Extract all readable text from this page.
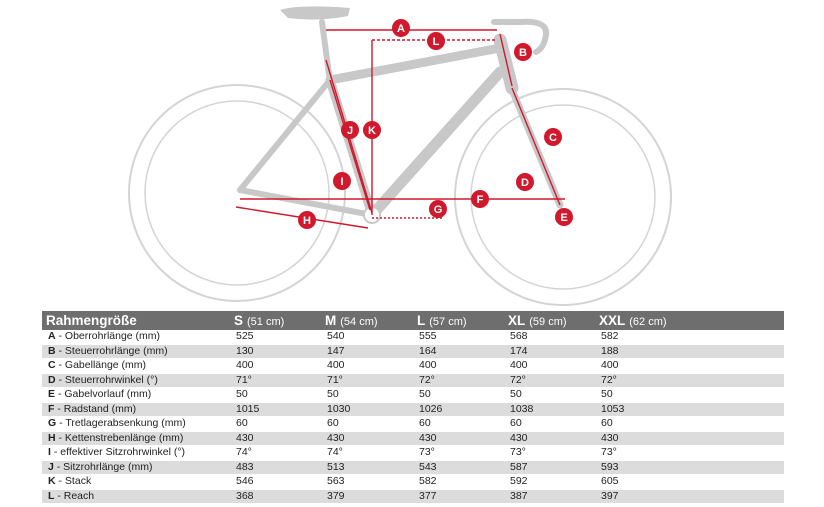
A
B
C
D
E
F
G
H
I
J K
L
Rahmengröße	S (51 cm)	M (54 cm)	L (57 cm)	XL (59 cm)	XXL (62 cm)
A - Oberrohrlänge (mm)	525	540	555	568	582
B - Steuerrohrlänge (mm)	130	147	164	174	188
C - Gabellänge (mm)	400	400	400	400	400
D - Steuerrohrwinkel (°)	71°	71°	72°	72°	72°
E - Gabelvorlauf (mm)	50	50	50	50	50
F - Radstand (mm)	1015	1030	1026	1038	1053
G - Tretlagerabsenkung (mm)	60	60	60	60	60
H - Kettenstrebenlänge (mm)	430	430	430	430	430
I - effektiver Sitzrohrwinkel (°)	74°	74°	73°	73°	73°
J - Sitzrohrlänge (mm)	483	513	543	587	593
K - Stack	546	563	582	592	605
L - Reach	368	379	377	387	397
